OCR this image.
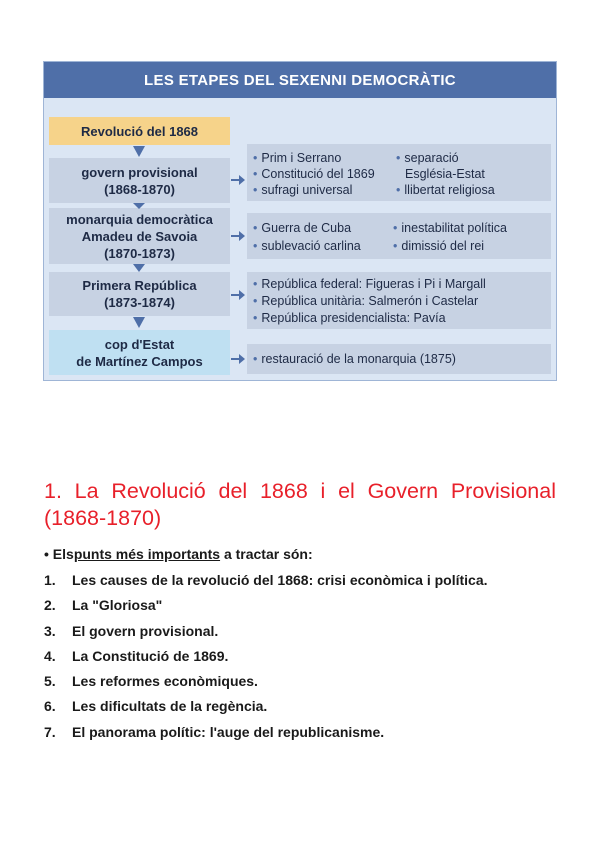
LES ETAPES DEL SEXENNI DEMOCRÀTIC
Revolució del 1868
govern provisional
(1868-1870)
monarquia democràtica
Amadeu de Savoia
(1870-1873)
Primera República
(1873-1874)
cop d'Estat
de Martínez Campos
• Prim i Serrano
• Constitució del 1869
• sufragi universal
• separació
Església-Estat
• llibertat religiosa
• Guerra de Cuba
• sublevació carlina
• inestabilitat política
• dimissió del rei
• República federal: Figueras i Pi i Margall
• República unitària: Salmerón i Castelar
• República presidencialista: Pavía
• restauració de la monarquia (1875)
1. La Revolució del 1868 i el Govern Provisional (1868-1870)
• Elspunts més importants a tractar són:
1. Les causes de la revolució del 1868: crisi econòmica i política.
2. La "Gloriosa"
3. El govern provisional.
4. La Constitució de 1869.
5. Les reformes econòmiques.
6. Les dificultats de la regència.
7. El panorama polític: l'auge del republicanisme.
